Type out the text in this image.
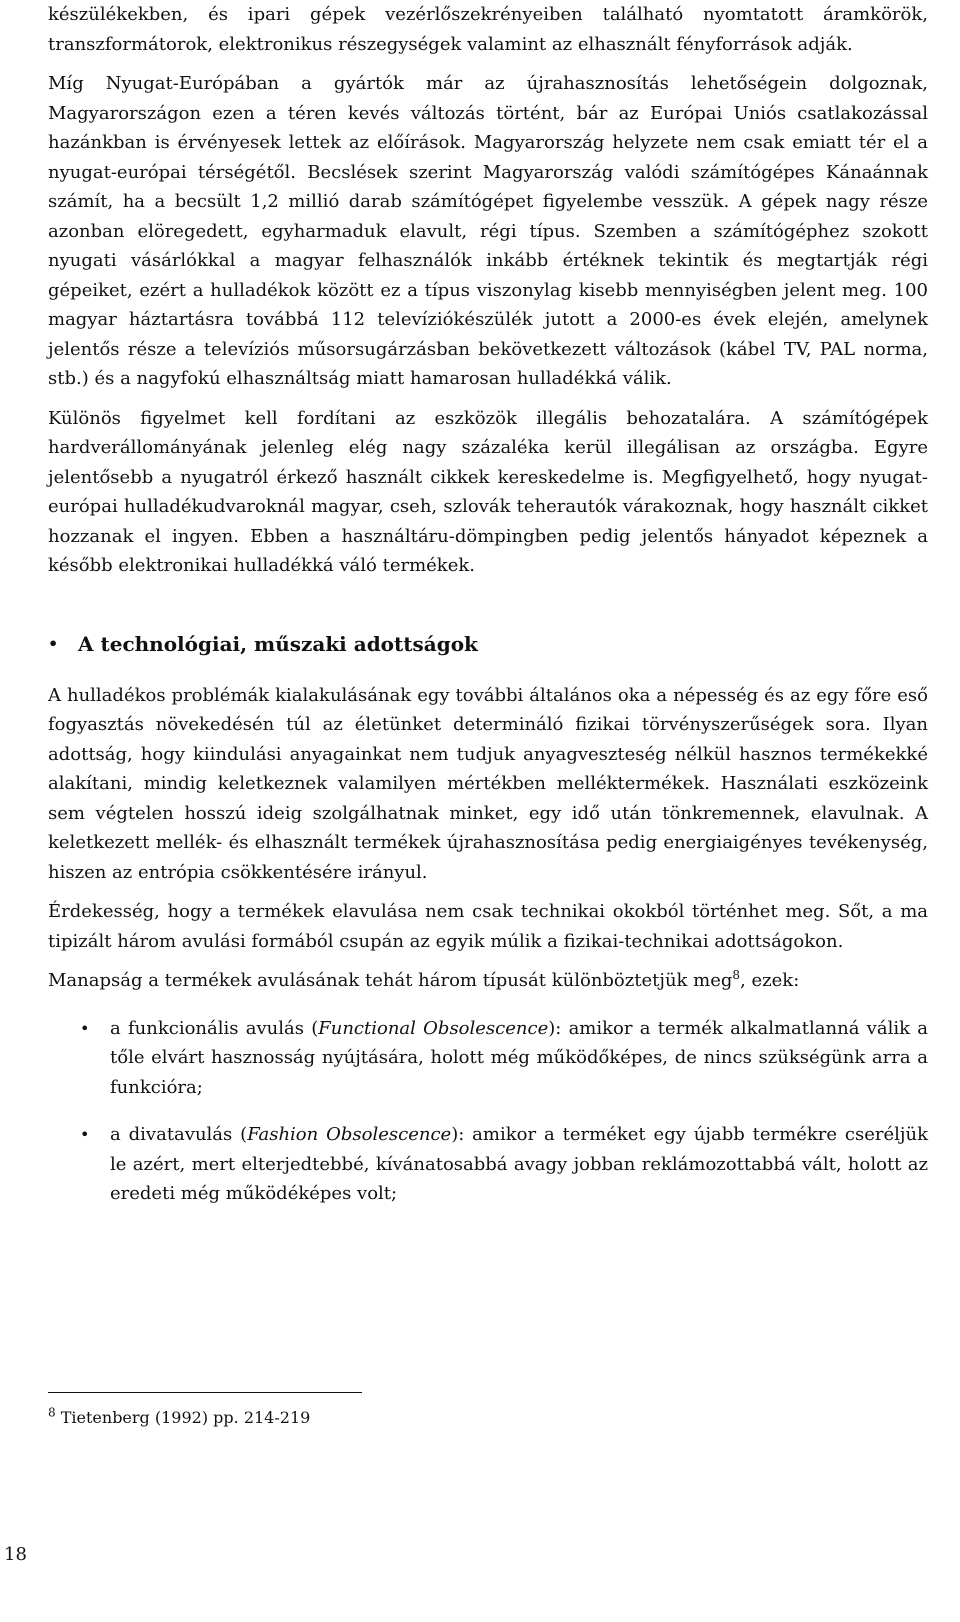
készülékekben, és ipari gépek vezérlőszekrényeiben található nyomtatott áramkörök, transzformátorok, elektronikus részegységek valamint az elhasznált fényforrások adják.

Míg Nyugat-Európában a gyártók már az újrahasznosítás lehetőségein dolgoznak, Magyarországon ezen a téren kevés változás történt, bár az Európai Uniós csatlakozással hazánkban is érvényesek lettek az előírások. Magyarország helyzete nem csak emiatt tér el a nyugat-európai térségétől. Becslések szerint Magyarország valódi számítógépes Kánaánnak számít, ha a becsült 1,2 millió darab számítógépet figyelembe vesszük. A gépek nagy része azonban elöregedett, egyharmaduk elavult, régi típus. Szemben a számítógéphez szokott nyugati vásárlókkal a magyar felhasználók inkább értéknek tekintik és megtartják régi gépeiket, ezért a hulladékok között ez a típus viszonylag kisebb mennyiségben jelent meg. 100 magyar háztartásra továbbá 112 televíziókészülék jutott a 2000-es évek elején, amelynek jelentős része a televíziós műsorsugárzásban bekövetkezett változások (kábel TV, PAL norma, stb.) és a nagyfokú elhasználtság miatt hamarosan hulladékká válik.

Különös figyelmet kell fordítani az eszközök illegális behozatalára. A számítógépek hardverállományának jelenleg elég nagy százaléka kerül illegálisan az országba. Egyre jelentősebb a nyugatról érkező használt cikkek kereskedelme is. Megfigyelhető, hogy nyugat-európai hulladékudvaroknál magyar, cseh, szlovák teherautók várakoznak, hogy használt cikket hozzanak el ingyen. Ebben a használtáru-dömpingben pedig jelentős hányadot képeznek a később elektronikai hulladékká váló termékek.

• A technológiai, műszaki adottságok

A hulladékos problémák kialakulásának egy további általános oka a népesség és az egy főre eső fogyasztás növekedésén túl az életünket determináló fizikai törvényszerűségek sora. Ilyan adottság, hogy kiindulási anyagainkat nem tudjuk anyagveszteség nélkül hasznos termékekké alakítani, mindig keletkeznek valamilyen mértékben melléktermékek. Használati eszközeink sem végtelen hosszú ideig szolgálhatnak minket, egy idő után tönkremennek, elavulnak. A keletkezett mellék- és elhasznált termékek újrahasznosítása pedig energiaigényes tevékenység, hiszen az entrópia csökkentésére irányul.

Érdekesség, hogy a termékek elavulása nem csak technikai okokból történhet meg. Sőt, a ma tipizált három avulási formából csupán az egyik múlik a fizikai-technikai adottságokon.

Manapság a termékek avulásának tehát három típusát különböztetjük meg$^8$, ezek:

• a funkcionális avulás (Functional Obsolescence): amikor a termék alkalmatlanná válik a tőle elvárt hasznosság nyújtására, holott még működőképes, de nincs szükségünk arra a funkcióra;
• a divatavulás (Fashion Obsolescence): amikor a terméket egy újabb termékre cseréljük le azért, mert elterjedtebbé, kívánatosabbá avagy jobban reklámozottabbá vált, holott az eredeti még működéképes volt;
$^8$ Tietenberg (1992) pp. 214-219
18
